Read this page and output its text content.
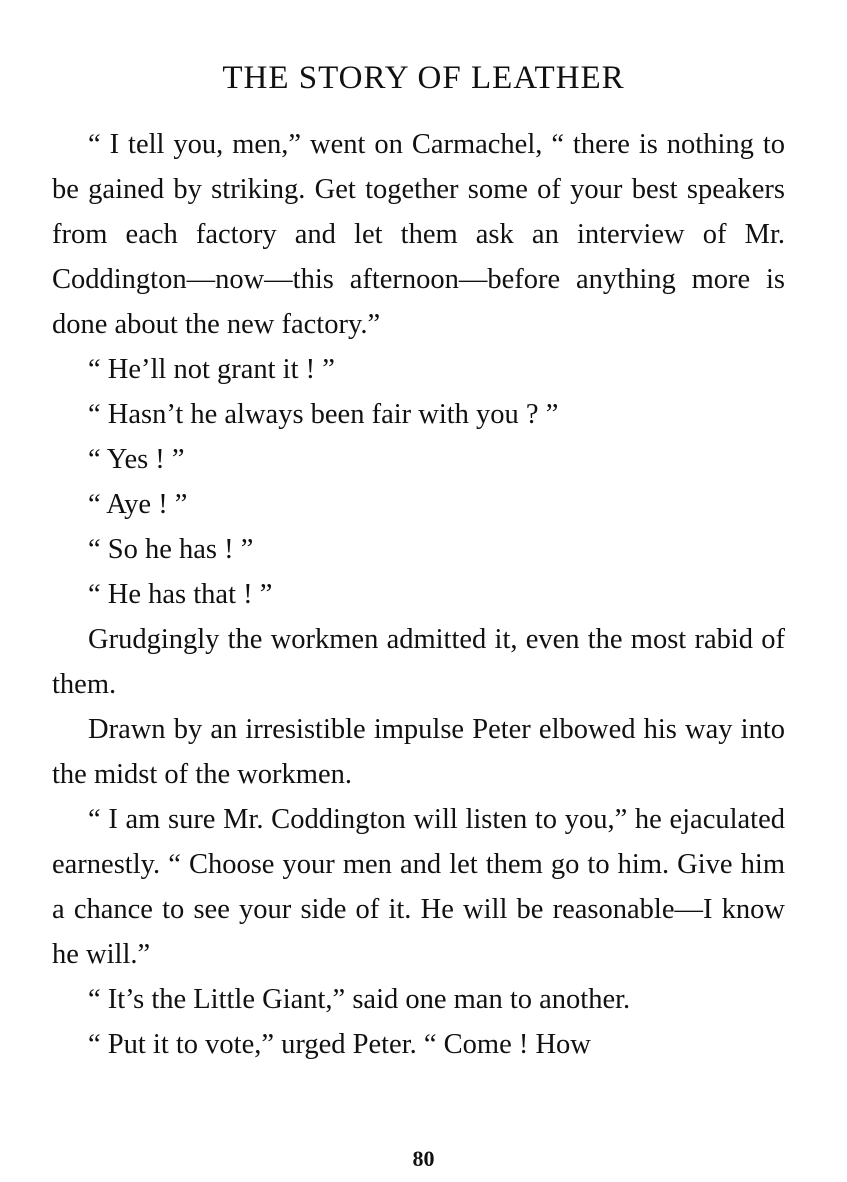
THE STORY OF LEATHER

“ I tell you, men,” went on Carmachel, “ there is nothing to be gained by striking. Get together some of your best speakers from each factory and let them ask an interview of Mr. Coddington—now—this afternoon—before anything more is done about the new factory.”

“ He’ll not grant it ! ”

“ Hasn’t he always been fair with you ? ”

“ Yes ! ”

“ Aye ! ”

“ So he has ! ”

“ He has that ! ”

Grudgingly the workmen admitted it, even the most rabid of them.

Drawn by an irresistible impulse Peter elbowed his way into the midst of the workmen.

“ I am sure Mr. Coddington will listen to you,” he ejaculated earnestly. “ Choose your men and let them go to him. Give him a chance to see your side of it. He will be reasonable—I know he will.”

“ It’s the Little Giant,” said one man to another.

“ Put it to vote,” urged Peter. “ Come ! How

80
